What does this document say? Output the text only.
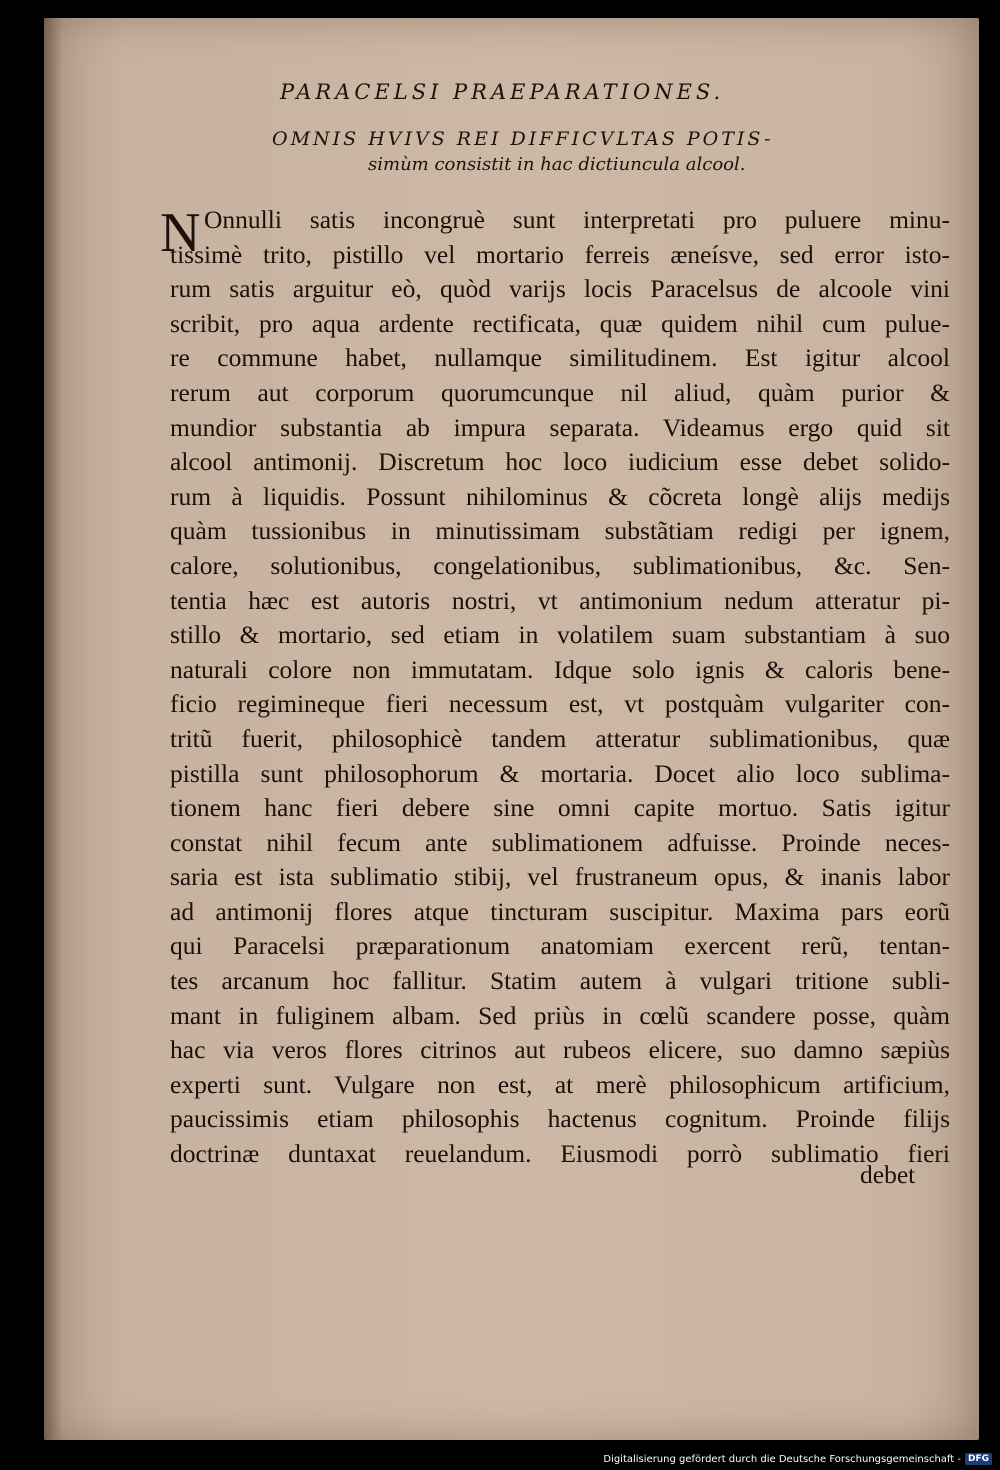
PARACELSI PRAEPARATIONES.
OMNIS HVIVS REI DIFFICVLTAS POTIS-
simùm consistit in hac dictiuncula alcool.
N Onnulli satis incongruè sunt interpretati pro puluere minu-
tissimè trito, pistillo vel mortario ferreis æneísve, sed error isto-
rum satis arguitur eò, quòd varijs locis Paracelsus de alcoole vini
scribit, pro aqua ardente rectificata, quæ quidem nihil cum pulue-
re commune habet, nullamque similitudinem. Est igitur alcool
rerum aut corporum quorumcunque nil aliud, quàm purior &
mundior substantia ab impura separata. Videamus ergo quid sit
alcool antimonij. Discretum hoc loco iudicium esse debet solido-
rum à liquidis. Possunt nihilominus & cõcreta longè alijs medijs
quàm tussionibus in minutissimam substãtiam redigi per ignem,
calore, solutionibus, congelationibus, sublimationibus, &c. Sen-
tentia hæc est autoris nostri, vt antimonium nedum atteratur pi-
stillo & mortario, sed etiam in volatilem suam substantiam à suo
naturali colore non immutatam. Idque solo ignis & caloris bene-
ficio regimineque fieri necessum est, vt postquàm vulgariter con-
tritũ fuerit, philosophicè tandem atteratur sublimationibus, quæ
pistilla sunt philosophorum & mortaria. Docet alio loco sublima-
tionem hanc fieri debere sine omni capite mortuo. Satis igitur
constat nihil fecum ante sublimationem adfuisse. Proinde neces-
saria est ista sublimatio stibij, vel frustraneum opus, & inanis labor
ad antimonij flores atque tincturam suscipitur. Maxima pars eorũ
qui Paracelsi præparationum anatomiam exercent rerũ, tentan-
tes arcanum hoc fallitur. Statim autem à vulgari tritione subli-
mant in fuliginem albam. Sed priùs in cœlũ scandere posse, quàm
hac via veros flores citrinos aut rubeos elicere, suo damno sæpiùs
experti sunt. Vulgare non est, at merè philosophicum artificium,
paucissimis etiam philosophis hactenus cognitum. Proinde filijs
doctrinæ duntaxat reuelandum. Eiusmodi porrò sublimatio fieri
debet
Digitalisierung gefördert durch die Deutsche Forschungsgemeinschaft - DFG
